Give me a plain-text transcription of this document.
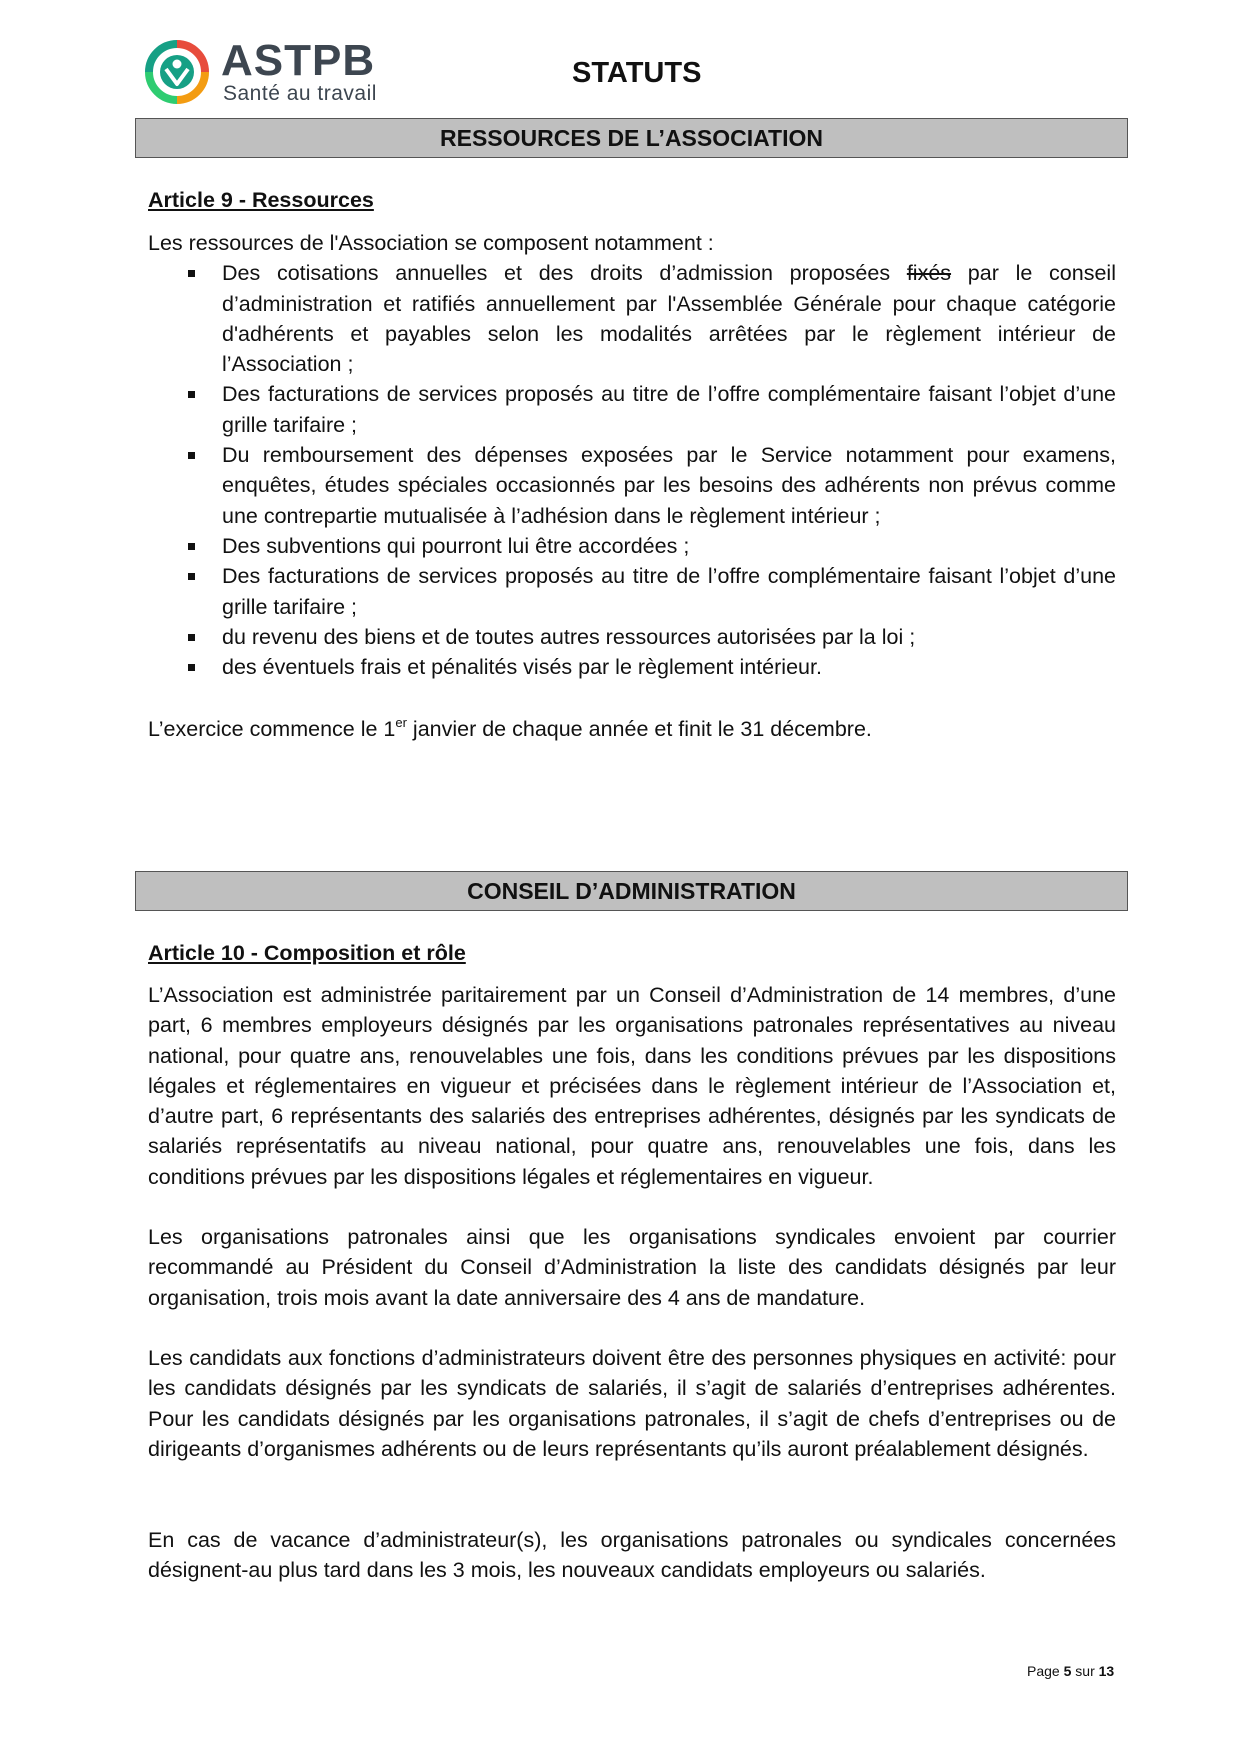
ASTPB
Santé au travail
STATUTS
RESSOURCES DE L’ASSOCIATION
Article 9 - Ressources
Les ressources de l'Association se composent notamment :
Des cotisations annuelles et des droits d’admission proposées fixés par le conseil d’administration et ratifiés annuellement par l'Assemblée Générale pour chaque catégorie d'adhérents et payables selon les modalités arrêtées par le règlement intérieur de l’Association ;
Des facturations de services proposés au titre de l’offre complémentaire faisant l’objet d’une grille tarifaire ;
Du remboursement des dépenses exposées par le Service notamment pour examens, enquêtes, études spéciales occasionnés par les besoins des adhérents non prévus comme une contrepartie mutualisée à l’adhésion dans le règlement intérieur ;
Des subventions qui pourront lui être accordées ;
Des facturations de services proposés au titre de l’offre complémentaire faisant l’objet d’une grille tarifaire ;
du revenu des biens et de toutes autres ressources autorisées par la loi ;
des éventuels frais et pénalités visés par le règlement intérieur.
L’exercice commence le 1er janvier de chaque année et finit le 31 décembre.
CONSEIL D’ADMINISTRATION
Article 10 - Composition et rôle
L’Association est administrée paritairement par un Conseil d’Administration de 14 membres, d’une part, 6 membres employeurs désignés par les organisations patronales représentatives au niveau national, pour quatre ans, renouvelables une fois, dans les conditions prévues par les dispositions légales et réglementaires en vigueur et précisées dans le règlement intérieur de l’Association et, d’autre part, 6 représentants des salariés des entreprises adhérentes, désignés par les syndicats de salariés représentatifs au niveau national, pour quatre ans, renouvelables une fois, dans les conditions prévues par les dispositions légales et réglementaires en vigueur.
Les organisations patronales ainsi que les organisations syndicales envoient par courrier recommandé au Président du Conseil d’Administration la liste des candidats désignés par leur organisation, trois mois avant la date anniversaire des 4 ans de mandature.
Les candidats aux fonctions d’administrateurs doivent être des personnes physiques en activité: pour les candidats désignés par les syndicats de salariés, il s’agit de salariés d’entreprises adhérentes. Pour les candidats désignés par les organisations patronales, il s’agit de chefs d’entreprises ou de dirigeants d’organismes adhérents ou de leurs représentants qu’ils auront préalablement désignés.
En cas de vacance d’administrateur(s), les organisations patronales ou syndicales concernées désignent-au plus tard dans les 3 mois, les nouveaux candidats employeurs ou salariés.
Page 5 sur 13
